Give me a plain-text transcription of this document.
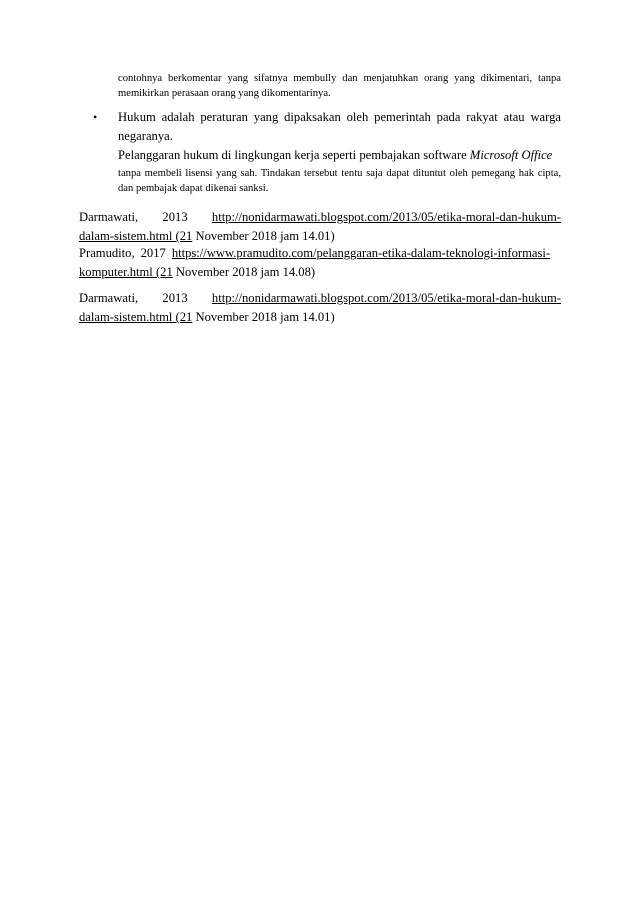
contohnya berkomentar yang sifatnya membully dan menjatuhkan orang yang dikimentari, tanpa memikirkan perasaan orang yang dikomentarinya.

• Hukum adalah peraturan yang dipaksakan oleh pemerintah pada rakyat atau warga negaranya.

Pelanggaran hukum di lingkungan kerja seperti pembajakan software Microsoft Office
tanpa membeli lisensi yang sah. Tindakan tersebut tentu saja dapat dituntut oleh pemegang hak cipta, dan pembajak dapat dikenai sanksi.
Darmawati, 2013 http://nonidarmawati.blogspot.com/2013/05/etika-moral-dan-hukum-
dalam-sistem.html (21 November 2018 jam 14.01)
Pramudito, 2017 https://www.pramudito.com/pelanggaran-etika-dalam-teknologi-informasi-
komputer.html (21 November 2018 jam 14.08)
Darmawati, 2013 http://nonidarmawati.blogspot.com/2013/05/etika-moral-dan-hukum-
dalam-sistem.html (21 November 2018 jam 14.01)
